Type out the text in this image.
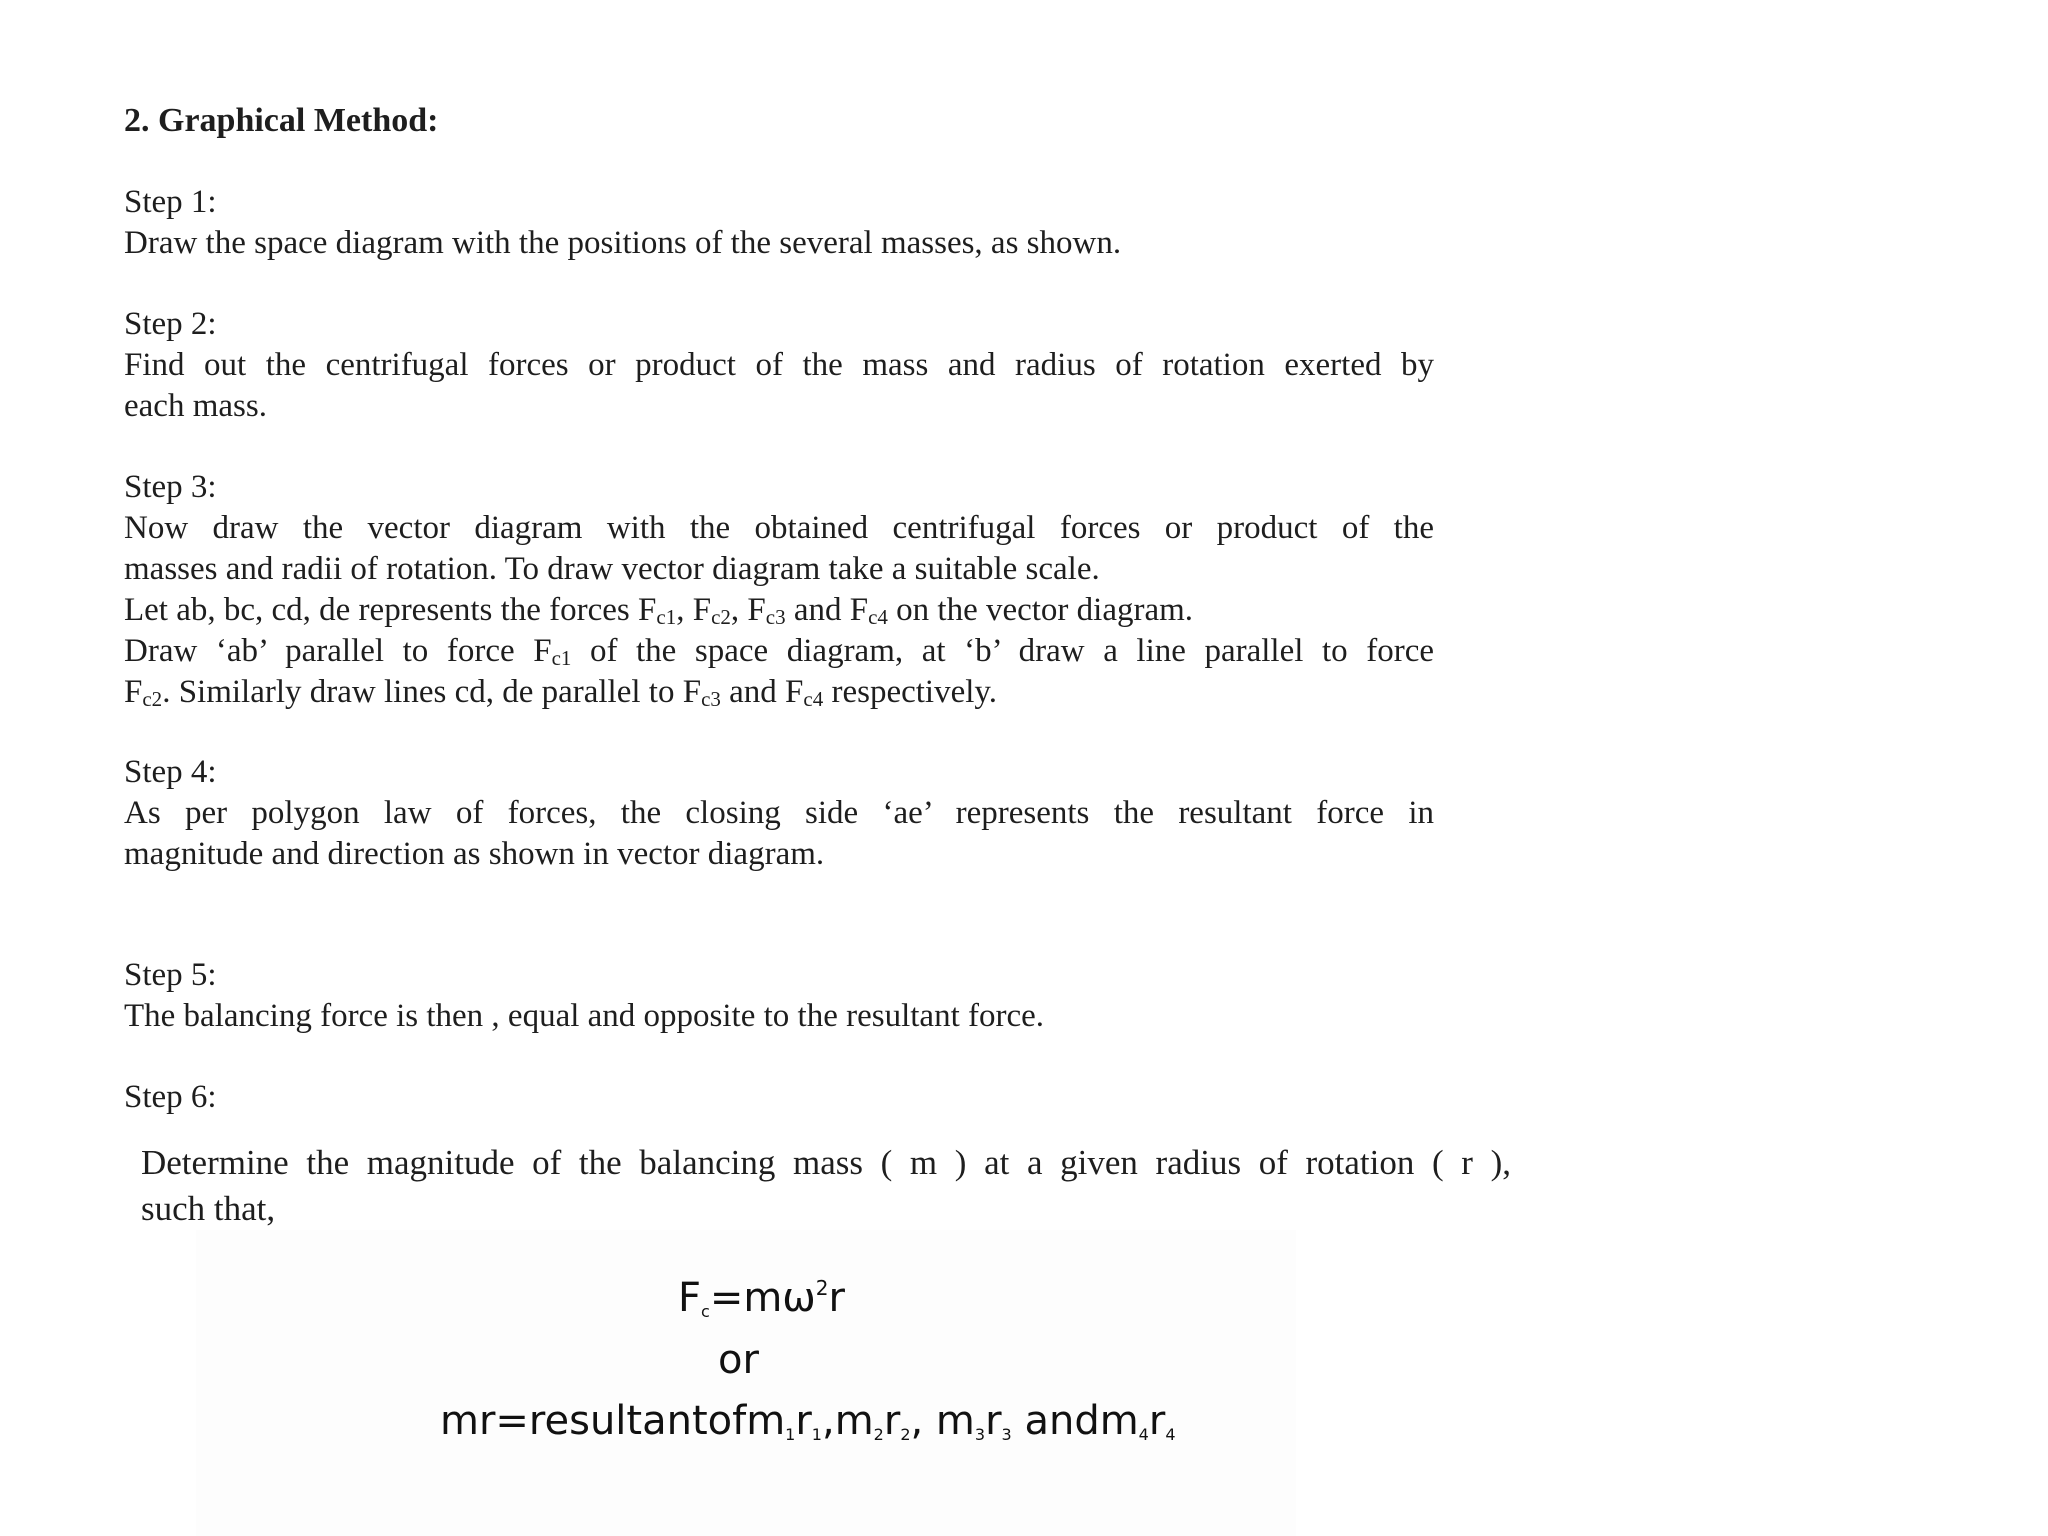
2. Graphical Method:
Step 1:
Draw the space diagram with the positions of the several masses, as shown.
Step 2:
Find out the centrifugal forces or product of the mass and radius of rotation exerted by
each mass.
Step 3:
Now draw the vector diagram with the obtained centrifugal forces or product of the
masses and radii of rotation. To draw vector diagram take a suitable scale.
Let ab, bc, cd, de represents the forces $F_{c1}$, $F_{c2}$, $F_{c3}$ and $F_{c4}$ on the vector diagram.
Draw ‘ab’ parallel to force $F_{c1}$ of the space diagram, at ‘b’ draw a line parallel to force
$F_{c2}$. Similarly draw lines cd, de parallel to $F_{c3}$ and $F_{c4}$ respectively.
Step 4:
As per polygon law of forces, the closing side ‘ae’ represents the resultant force in
magnitude and direction as shown in vector diagram.
Step 5:
The balancing force is then , equal and opposite to the resultant force.
Step 6:
Determine the magnitude of the balancing mass ( m ) at a given radius of rotation ( r ),
such that,
$F_c=m\omega^2r$
or
$mr=resultantofm_1r_1,m_2r_2$, $m_3r_3$ $andm_4r_4$
